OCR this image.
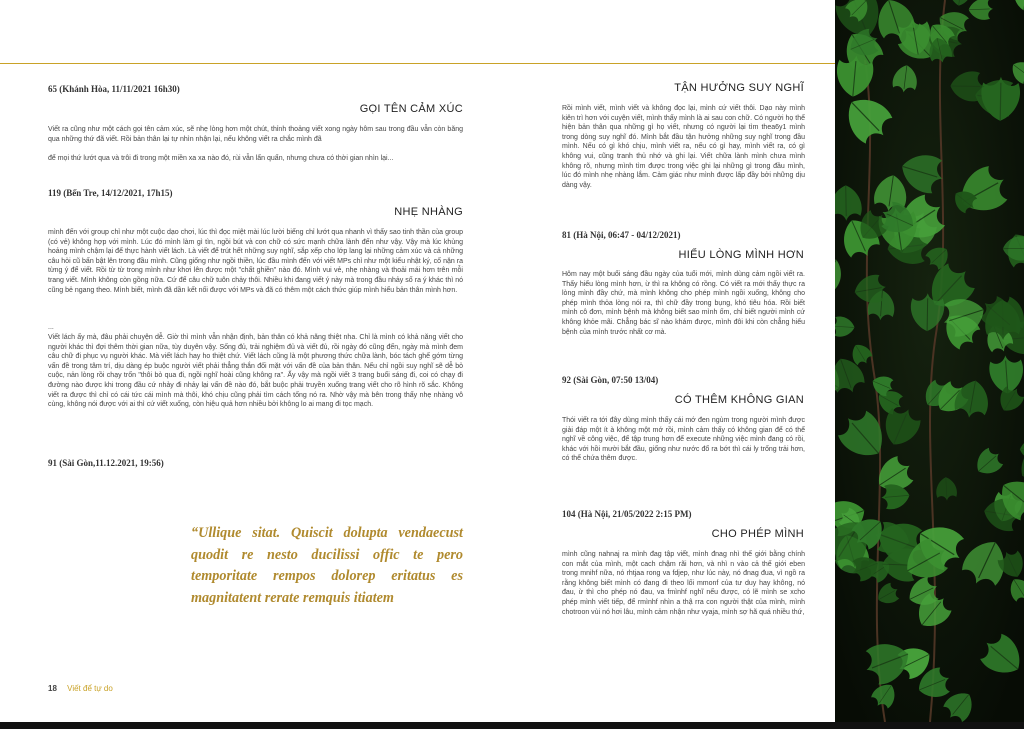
65 (Khánh Hòa, 11/11/2021 16h30)
GỌI TÊN CẢM XÚC

Viết ra cũng như một cách gọi tên cảm xúc, sẽ nhẹ lòng hơn một chút, thỉnh thoảng viết xong ngày hôm sau trong đầu vẫn còn băng qua những thứ đã viết. Rồi bản thân lại tự nhìn nhận lại, nếu không viết ra chắc mình đã

để mọi thứ lướt qua và trôi đi trong một miền xa xa nào đó, rùi vẫn lẩn quẩn, nhưng chưa có thời gian nhìn lại...

119 (Bến Tre, 14/12/2021, 17h15)
NHẸ NHÀNG

mình đến với group chỉ như một cuộc dạo chơi, lúc thì đọc miệt mài lúc lười biếng chỉ lướt qua nhanh vì thấy sao tinh thần của group (có vẻ) không hợp với mình. Lúc đó mình làm gì tìn, ngồi bút và con chữ có sức mạnh chữa lành đến như vậy. Vậy mà lúc khủng hoảng mình chậm lại để thực hành viết lách. Là viết để trút hết những suy nghĩ, sắp xếp cho lớp lang lại những cảm xúc và cả những câu hỏi cũ bấn bật lên trong đầu mình. Cũng giống như ngồi thiền, lúc đầu mình đến với viết MPs chỉ như một kiểu nhật ký, cố nặn ra từng ý để viết. Rồi từ từ trong mình như khơi lên được một "chất ghiền" nào đó. Mình vui vẻ, nhẹ nhàng và thoải mái hơn trên mỗi trang viết. Mình không còn gồng nữa. Cứ để câu chữ tuôn chảy thôi. Nhiều khi đang viết ý này mà trong đầu nhảy số ra ý khác thì nó cũng bẻ ngang theo. Mình biết, mình đã dần kết nối được với MPs và đã có thêm một cách thức giúp mình hiểu bản thân mình hơn.

...

Viết lách ấy mà, đâu phải chuyện dễ. Giờ thì mình vẫn nhận định, bản thân có khả năng thiệt nha. Chỉ là mình có khả năng viết cho người khác thì đợi thêm thời gian nữa, tùy duyên vậy. Sống đủ, trải nghiệm đủ và viết đủ, rồi ngày đó cũng đến, ngày mà mình đem câu chữ đi phục vụ người khác. Mà viết lách hay ho thiệt chứ. Viết lách cũng là một phương thức chữa lành, bóc tách ghế gớm từng vấn đề trong tâm trí, dịu dàng ép buộc người viết phải thẳng thắn đối mặt với vấn đề của bản thân. Nếu chỉ ngồi suy nghĩ sẽ dễ bỏ cuộc, nản lòng rồi chạy trốn "thôi bỏ qua đi, ngồi nghĩ hoài cũng không ra". Ấy vậy mà ngồi viết 3 trang buổi sáng đi, coi có chạy đi đường nào được khi trong đầu cứ nhảy đi nhảy lại vấn đề nào đó, bắt buộc phải truyền xuống trang viết cho rõ hình rõ sắc. Không viết ra được thì chỉ có cái tức cái mình mà thôi, khó chịu cũng phải tìm cách tống nó ra. Nhờ vậy mà bên trong thấy nhẹ nhàng vô cùng, không nói được với ai thì cứ viết xuống, còn hiệu quả hơn nhiều bởi không lo ai mang đi tọc mạch.

91 (Sài Gòn,11.12.2021, 19:56)

“Ullique sitat. Quiscit dolupta vendaecust quodit re nesto ducilissi offic te pero temporitate rempos dolorep eritatus es magnitatent rerate remquis itiatem

18 Viết để tự do
TẬN HƯỞNG SUY NGHĨ

Rồi mình viết, mình viết và không đọc lại, mình cứ viết thôi. Dạo này mình kiên trì hơn với cuyện viết, mình thấy mình là ai sau con chữ. Có người họ thể hiện bản thân qua những gì họ viết, nhưng có người lại tìm thea6y1 mình trong dòng suy nghĩ đó. Mình bắt đầu tận hưởng những suy nghĩ trong đầu mình. Nếu có gì khó chịu, mình viết ra, nếu có gì hay, mình viết ra, có gì không vui, cũng tranh thủ nhớ và ghi lại. Viết chữa lành mình chưa mình không rõ, nhưng mình tìm được trong việc ghi lại những gì trong đầu mình, lúc đó mình nhẹ nhàng lắm. Cảm giác như mình được lấp đầy bởi những dịu dàng vậy.

81 (Hà Nội, 06:47 - 04/12/2021)
HIỂU LÒNG MÌNH HƠN

Hôm nay một buổi sáng đầu ngày của tuổi mới, mình dùng cảm ngồi viết ra. Thấy hiểu lòng mình hơn, ừ thì ra không có rồng. Có viết ra mới thấy thực ra lòng mình đầy chứ, mà mình không cho phép mình ngồi xuống, không cho phép mình thỏa lòng nói ra, thì chữ đầy trong bụng, khó tiêu hóa. Rồi biết mình cô đơn, mình bệnh mà không biết sao mình ốm, chỉ biết người mình cứ không khỏe mãi. Chẳng bác sĩ nào khám được, mình đôi khi còn chẳng hiểu bệnh của mình trước nhất cơ mà.

92 (Sài Gòn, 07:50 13/04)
CÓ THÊM KHÔNG GIAN

Thói viết ra tới đây dùng mình thấy cái mớ đen ngùm trong người mình được giải đáp một ít à không một mớ rồi, mình cảm thấy có không gian để có thể nghĩ về công việc, để tập trung hơn để execute những việc mình đang có rồi, khác với hồi mười bắt đầu, giống như nước đổ ra bớt thì cái ly trống trải hơn, có thể chứa thêm được.

104 (Hà Nội, 21/05/2022 2:15 PM)
CHO PHÉP MÌNH

mình cũng nahnaj ra mình đag tập viết, mình đnag nhì thế giới bằng chính con mắt của mình, một cach chậm rãi hơn, và nhì n vào cả thế giới eben trong mnihf nữa, nó rhtjaa rong va fdjep, như lúc này, nó đnag đua, vì ngồ ra rằng không biết mình có đang đi theo lối mmonf của tư duy hay không, nó đau, ừ thì cho phép nó đau, va fmìnhf nghĩ nếu được, có lẽ mình se xcho phép mình viết tiếp, để rmìnhf nhìn a thậ rra con người thật của mình, mình chotroon vùi nó hơi lâu, mình cảm nhận như vyaja, mình sợ hã quá nhiều thứ,
